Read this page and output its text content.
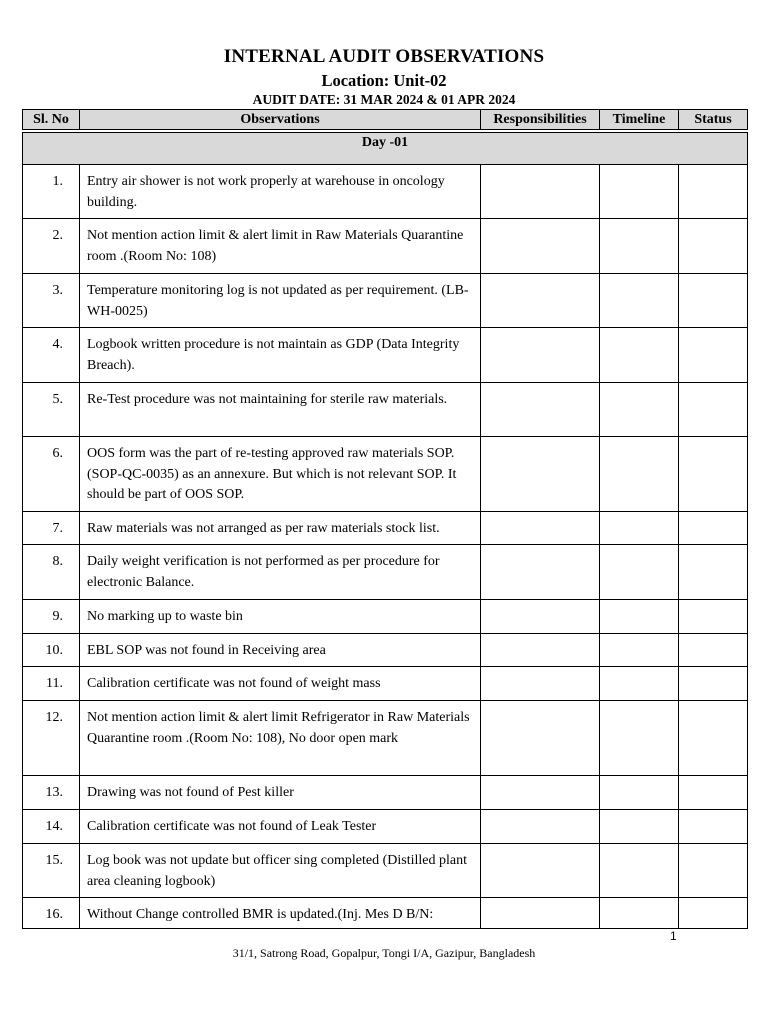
INTERNAL AUDIT OBSERVATIONS
Location: Unit-02
AUDIT DATE: 31 MAR 2024 & 01 APR 2024
Sl. No	Observations	Responsibilities	Timeline	Status

Day -01				
1.	Entry air shower is not work properly at warehouse in oncology building.			
2.	Not mention action limit & alert limit in Raw Materials Quarantine room .(Room No: 108)			
3.	Temperature monitoring log is not updated as per requirement. (LB-WH-0025)			
4.	Logbook written procedure is not maintain as GDP (Data Integrity Breach).			
5.	Re-Test procedure was not maintaining for sterile raw materials.			
6.	OOS form was the part of re-testing approved raw materials SOP. (SOP-QC-0035) as an annexure. But which is not relevant SOP. It should be part of OOS SOP.			
7.	Raw materials was not arranged as per raw materials stock list.			
8.	Daily weight verification is not performed as per procedure for electronic Balance.			
9.	No marking up to waste bin			
10.	EBL SOP was not found in Receiving area			
11.	Calibration certificate was not found of weight mass			
12.	Not mention action limit & alert limit Refrigerator in Raw Materials Quarantine room .(Room No: 108), No door open mark			
13.	Drawing was not found of Pest killer			
14.	Calibration certificate was not found of Leak Tester			
15.	Log book was not update but officer sing completed (Distilled plant area cleaning logbook)			
16.	Without Change controlled BMR is updated.(Inj. Mes D B/N:			
1
31/1, Satrong Road, Gopalpur, Tongi I/A, Gazipur, Bangladesh
